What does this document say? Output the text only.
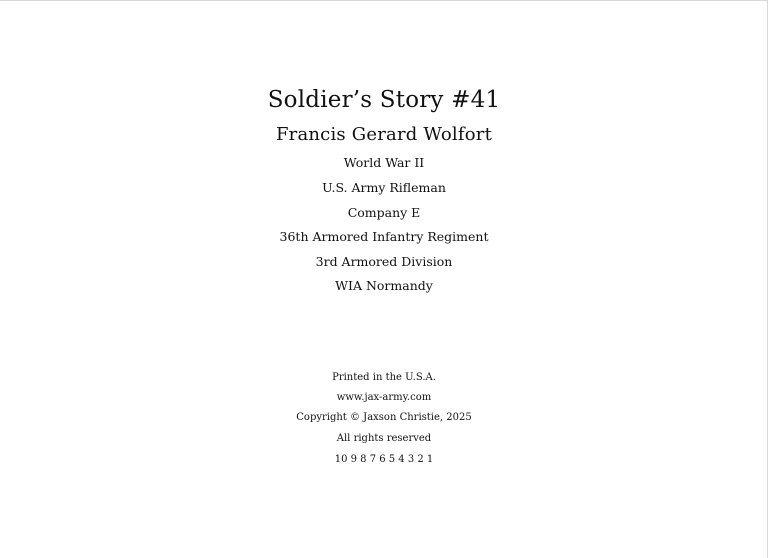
Soldier’s Story #41
Francis Gerard Wolfort
World War II
U.S. Army Rifleman
Company E
36th Armored Infantry Regiment
3rd Armored Division
WIA Normandy
Printed in the U.S.A.
www.jax-army.com
Copyright © Jaxson Christie, 2025
All rights reserved
10 9 8 7 6 5 4 3 2 1
